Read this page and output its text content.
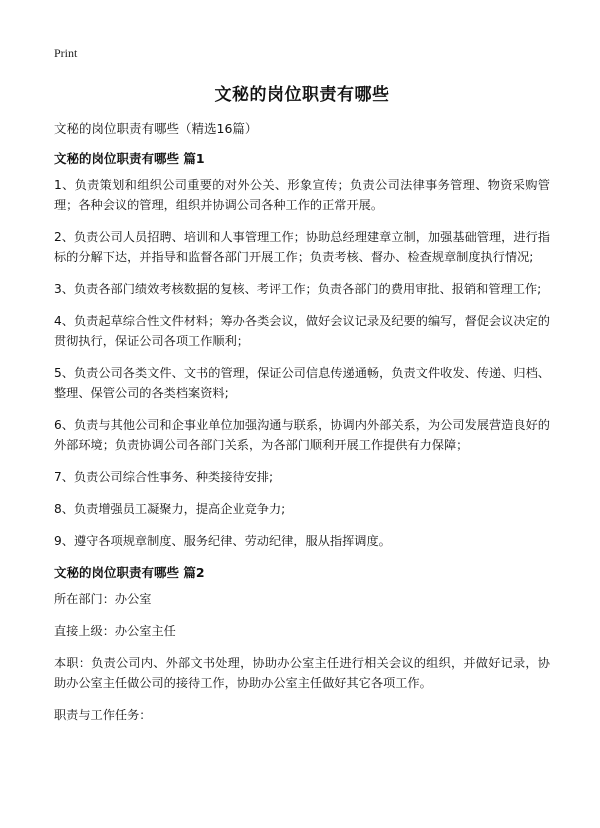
Print
文秘的岗位职责有哪些
文秘的岗位职责有哪些（精选16篇）
文秘的岗位职责有哪些 篇1

1、负责策划和组织公司重要的对外公关、形象宣传；负责公司法律事务管理、物资采购管理；各种会议的管理，组织并协调公司各种工作的正常开展。

2、负责公司人员招聘、培训和人事管理工作；协助总经理建章立制，加强基础管理，进行指标的分解下达，并指导和监督各部门开展工作；负责考核、督办、检查规章制度执行情况;

3、负责各部门绩效考核数据的复核、考评工作；负责各部门的费用审批、报销和管理工作;

4、负责起草综合性文件材料；筹办各类会议，做好会议记录及纪要的编写，督促会议决定的贯彻执行，保证公司各项工作顺利；

5、负责公司各类文件、文书的管理，保证公司信息传递通畅，负责文件收发、传递、归档、整理、保管公司的各类档案资料;

6、负责与其他公司和企事业单位加强沟通与联系，协调内外部关系，为公司发展营造良好的外部环境；负责协调公司各部门关系，为各部门顺利开展工作提供有力保障；

7、负责公司综合性事务、种类接待安排;

8、负责增强员工凝聚力，提高企业竞争力;

9、遵守各项规章制度、服务纪律、劳动纪律，服从指挥调度。

文秘的岗位职责有哪些 篇2

所在部门：办公室

直接上级：办公室主任

本职：负责公司内、外部文书处理，协助办公室主任进行相关会议的组织，并做好记录，协助办公室主任做公司的接待工作，协助办公室主任做好其它各项工作。

职责与工作任务：
